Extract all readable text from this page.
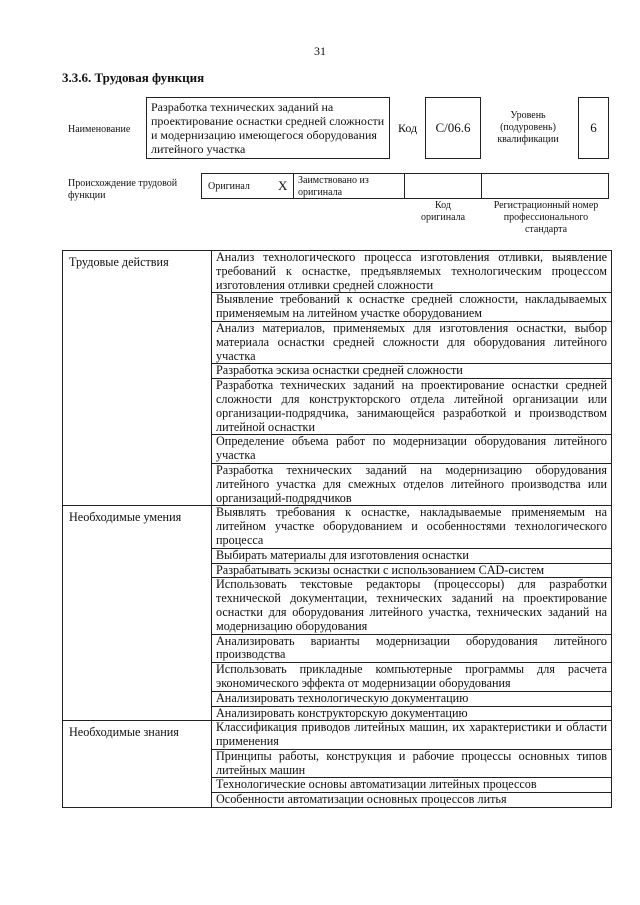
31
3.3.6. Трудовая функция
Наименование
Разработка технических заданий на проектирование оснастки средней сложности и модернизацию имеющегося оборудования литейного участка
Код	С/06.6
Уровень (подуровень) квалификации
6
Происхождение трудовой функции
Оригинал X Заимствовано из оригинала
Код оригинала
Регистрационный номер профессионального стандарта
Трудовые действия	Анализ технологического процесса изготовления отливки, выявление требований к оснастке, предъявляемых технологическим процессом изготовления отливки средней сложности
	Выявление требований к оснастке средней сложности, накладываемых применяемым на литейном участке оборудованием
	Анализ материалов, применяемых для изготовления оснастки, выбор материала оснастки средней сложности для оборудования литейного участка
	Разработка эскиза оснастки средней сложности
	Разработка технических заданий на проектирование оснастки средней сложности для конструкторского отдела литейной организации или организации-подрядчика, занимающейся разработкой и производством литейной оснастки
	Определение объема работ по модернизации оборудования литейного участка
	Разработка технических заданий на модернизацию оборудования литейного участка для смежных отделов литейного производства или организаций-подрядчиков
Необходимые умения	Выявлять требования к оснастке, накладываемые применяемым на литейном участке оборудованием и особенностями технологического процесса
	Выбирать материалы для изготовления оснастки
	Разрабатывать эскизы оснастки с использованием CAD-систем
	Использовать текстовые редакторы (процессоры) для разработки технической документации, технических заданий на проектирование оснастки для оборудования литейного участка, технических заданий на модернизацию оборудования
	Анализировать варианты модернизации оборудования литейного производства
	Использовать прикладные компьютерные программы для расчета экономического эффекта от модернизации оборудования
	Анализировать технологическую документацию
	Анализировать конструкторскую документацию
Необходимые знания	Классификация приводов литейных машин, их характеристики и области применения
	Принципы работы, конструкция и рабочие процессы основных типов литейных машин
	Технологические основы автоматизации литейных процессов
	Особенности автоматизации основных процессов литья
